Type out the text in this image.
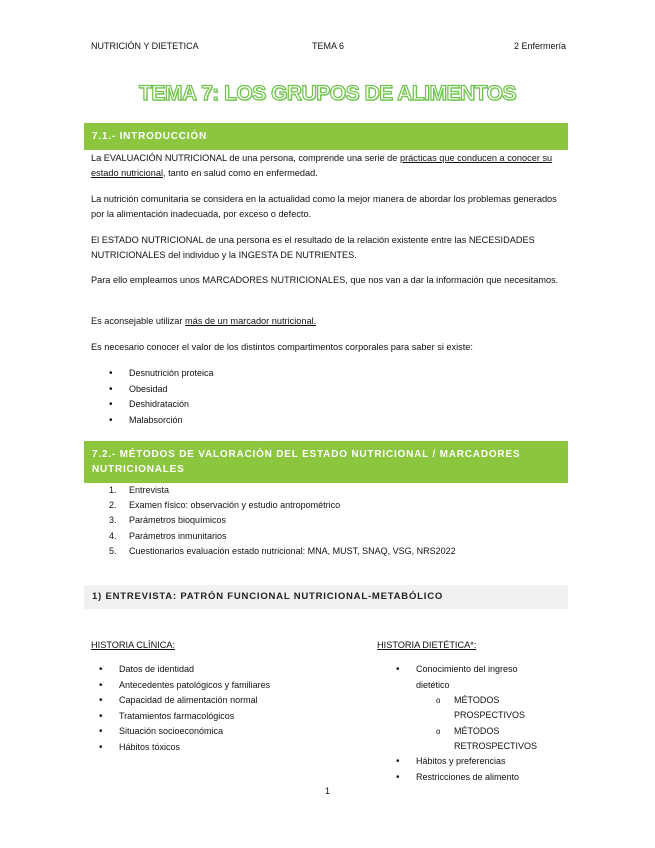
NUTRICIÓN Y DIETETICA	TEMA 6	2 Enfermería
TEMA 7: LOS GRUPOS DE ALIMENTOS
7.1.- INTRODUCCIÓN
La EVALUACIÓN NUTRICIONAL de una persona, comprende una serie de prácticas que conducen a conocer su estado nutricional, tanto en salud como en enfermedad.
La nutrición comunitaria se considera en la actualidad como la mejor manera de abordar los problemas generados por la alimentación inadecuada, por exceso o defecto.
El ESTADO NUTRICIONAL de una persona es el resultado de la relación existente entre las NECESIDADES NUTRICIONALES del individuo y la INGESTA DE NUTRIENTES.
Para ello empleamos unos MARCADORES NUTRICIONALES, que nos van a dar la información que necesitamos.
Es aconsejable utilizar más de un marcador nutricional.
Es necesario conocer el valor de los distintos compartimentos corporales para saber si existe:
• Desnutrición proteica
• Obesidad
• Deshidratación
• Malabsorción
7.2.- MÉTODOS DE VALORACIÓN DEL ESTADO NUTRICIONAL / MARCADORES NUTRICIONALES
1. Entrevista
2. Examen físico: observación y estudio antropométrico
3. Parámetros bioquímicos
4. Parámetros inmunitarios
5. Cuestionarios evaluación estado nutricional: MNA, MUST, SNAQ, VSG, NRS2022
1) ENTREVISTA: PATRÓN FUNCIONAL NUTRICIONAL-METABÓLICO
HISTORIA CLÍNICA:
• Datos de identidad
• Antecedentes patológicos y familiares
• Capacidad de alimentación normal
• Tratamientos farmacológicos
• Situación socioeconómica
• Hábitos tóxicos
HISTORIA DIETÉTICA*:
• Conocimiento del ingreso
dietético
o MÉTODOS
PROSPECTIVOS
o MÉTODOS
RETROSPECTIVOS
• Hábitos y preferencias
• Restricciones de alimento
1
